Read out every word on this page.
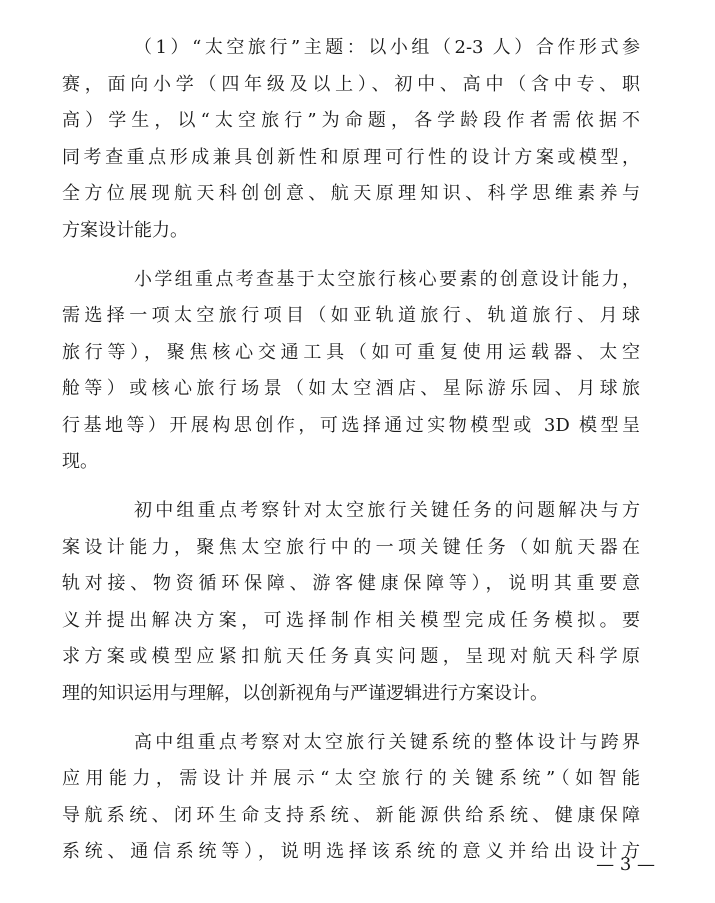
（1）“太空旅行”主题：以小组（2-3 人）合作形式参
赛，面向小学（四年级及以上）、初中、高中（含中专、职
高）学生，以“太空旅行”为命题，各学龄段作者需依据不
同考查重点形成兼具创新性和原理可行性的设计方案或模型，
全方位展现航天科创创意、航天原理知识、科学思维素养与
方案设计能力。

小学组重点考查基于太空旅行核心要素的创意设计能力，
需选择一项太空旅行项目（如亚轨道旅行、轨道旅行、月球
旅行等），聚焦核心交通工具（如可重复使用运载器、太空
舱等）或核心旅行场景（如太空酒店、星际游乐园、月球旅
行基地等）开展构思创作，可选择通过实物模型或 3D 模型呈
现。

初中组重点考察针对太空旅行关键任务的问题解决与方
案设计能力，聚焦太空旅行中的一项关键任务（如航天器在
轨对接、物资循环保障、游客健康保障等），说明其重要意
义并提出解决方案，可选择制作相关模型完成任务模拟。要
求方案或模型应紧扣航天任务真实问题，呈现对航天科学原
理的知识运用与理解，以创新视角与严谨逻辑进行方案设计。

高中组重点考察对太空旅行关键系统的整体设计与跨界
应用能力，需设计并展示“太空旅行的关键系统”（如智能
导航系统、闭环生命支持系统、新能源供给系统、健康保障
系统、通信系统等），说明选择该系统的意义并给出设计方

— 3 —
